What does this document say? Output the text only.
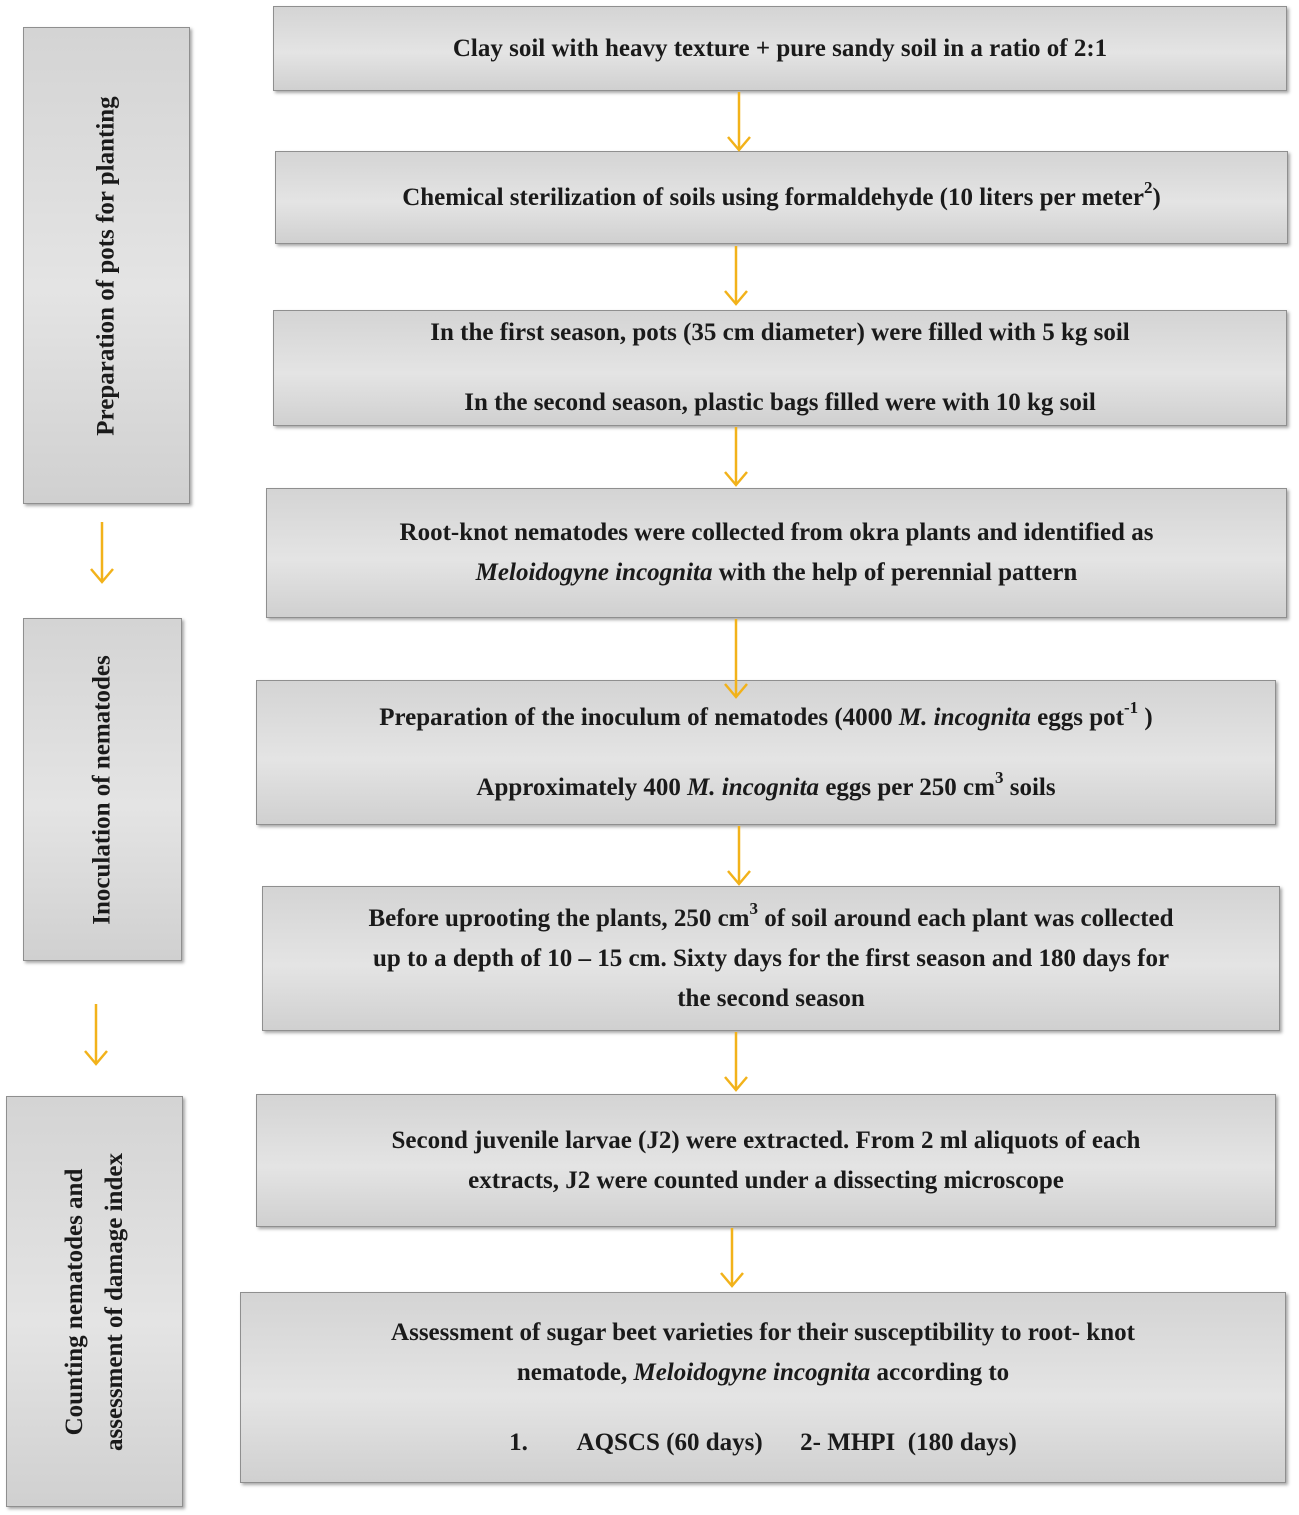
Preparation of pots for planting
Inoculation of nematodes
Counting nematodes and assessment of damage index
Clay soil with heavy texture + pure sandy soil in a ratio of 2:1
Chemical sterilization of soils using formaldehyde (10 liters per meter$^2$)
In the first season, pots (35 cm diameter) were filled with 5 kg soil
In the second season, plastic bags filled were with 10 kg soil
Root-knot nematodes were collected from okra plants and identified as
Meloidogyne incognita with the help of perennial pattern
Preparation of the inoculum of nematodes (4000 M. incognita eggs pot$^{-1}$ )
Approximately 400 M. incognita eggs per 250 $cm^3$ soils
Before uprooting the plants, 250 $cm^3$ of soil around each plant was collected
up to a depth of 10 – 15 cm. Sixty days for the first season and 180 days for
the second season
Second juvenile larvae (J2) were extracted. From 2 ml aliquots of each
extracts, J2 were counted under a dissecting microscope
Assessment of sugar beet varieties for their susceptibility to root- knot
nematode, Meloidogyne incognita according to
1.        AQSCS (60 days)      2- MHPI  (180 days)
